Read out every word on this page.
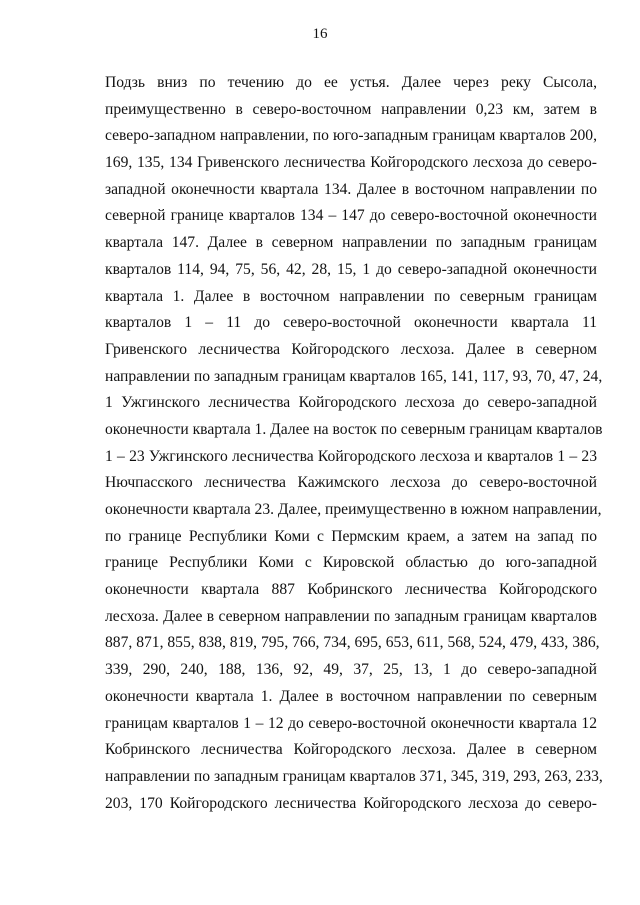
16
Подзь вниз по течению до ее устья. Далее через реку Сысола,
преимущественно в северо-восточном направлении 0,23 км, затем в
северо-западном направлении, по юго-западным границам кварталов 200,
169, 135, 134 Гривенского лесничества Койгородского лесхоза до северо-
западной оконечности квартала 134. Далее в восточном направлении по
северной границе кварталов 134 – 147 до северо-восточной оконечности
квартала 147. Далее в северном направлении по западным границам
кварталов 114, 94, 75, 56, 42, 28, 15, 1 до северо-западной оконечности
квартала 1. Далее в восточном направлении по северным границам
кварталов 1 – 11 до северо-восточной оконечности квартала 11
Гривенского лесничества Койгородского лесхоза. Далее в северном
направлении по западным границам кварталов 165, 141, 117, 93, 70, 47, 24,
1 Ужгинского лесничества Койгородского лесхоза до северо-западной
оконечности квартала 1. Далее на восток по северным границам кварталов
1 – 23 Ужгинского лесничества Койгородского лесхоза и кварталов 1 – 23
Нючпасского лесничества Кажимского лесхоза до северо-восточной
оконечности квартала 23. Далее, преимущественно в южном направлении,
по границе Республики Коми с Пермским краем, а затем на запад по
границе Республики Коми с Кировской областью до юго-западной
оконечности квартала 887 Кобринского лесничества Койгородского
лесхоза. Далее в северном направлении по западным границам кварталов
887, 871, 855, 838, 819, 795, 766, 734, 695, 653, 611, 568, 524, 479, 433, 386,
339, 290, 240, 188, 136, 92, 49, 37, 25, 13, 1 до северо-западной
оконечности квартала 1. Далее в восточном направлении по северным
границам кварталов 1 – 12 до северо-восточной оконечности квартала 12
Кобринского лесничества Койгородского лесхоза. Далее в северном
направлении по западным границам кварталов 371, 345, 319, 293, 263, 233,
203, 170 Койгородского лесничества Койгородского лесхоза до северо-
